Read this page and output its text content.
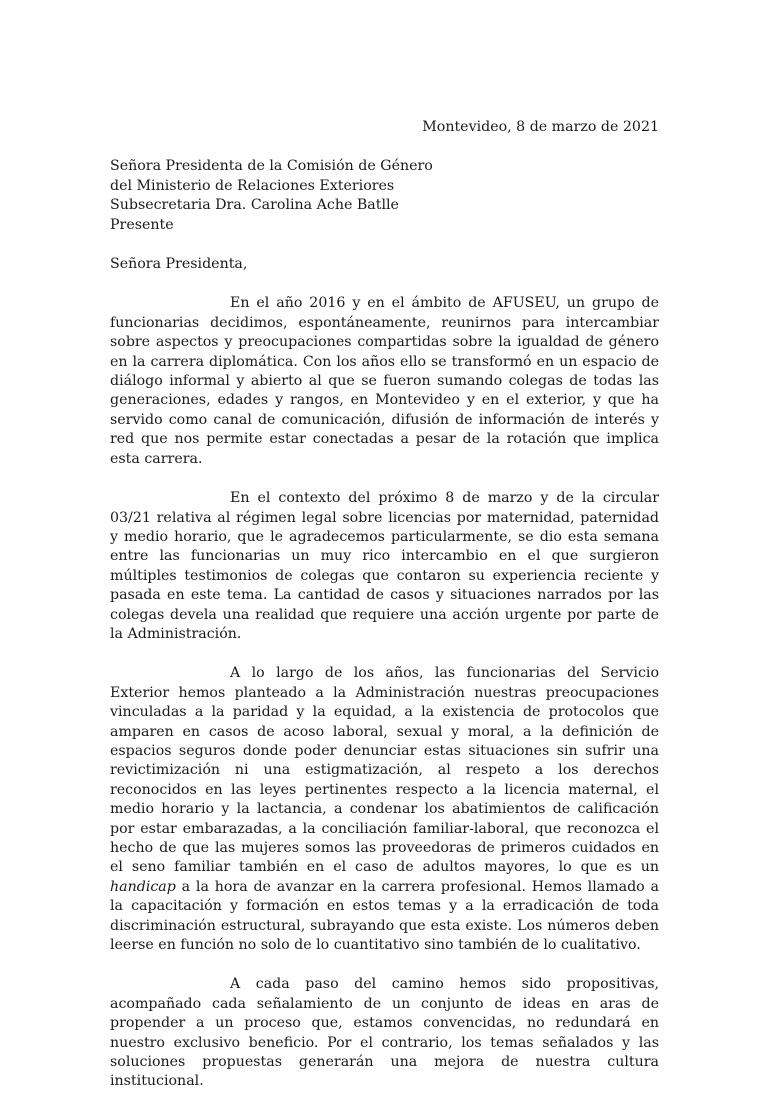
Montevideo, 8 de marzo de 2021
Señora Presidenta de la Comisión de Género
del Ministerio de Relaciones Exteriores
Subsecretaria Dra. Carolina Ache Batlle
Presente
Señora Presidenta,

En el año 2016 y en el ámbito de AFUSEU, un grupo de funcionarias decidimos, espontáneamente, reunirnos para intercambiar sobre aspectos y preocupaciones compartidas sobre la igualdad de género en la carrera diplomática. Con los años ello se transformó en un espacio de diálogo informal y abierto al que se fueron sumando colegas de todas las generaciones, edades y rangos, en Montevideo y en el exterior, y que ha servido como canal de comunicación, difusión de información de interés y red que nos permite estar conectadas a pesar de la rotación que implica esta carrera.

En el contexto del próximo 8 de marzo y de la circular 03/21 relativa al régimen legal sobre licencias por maternidad, paternidad y medio horario, que le agradecemos particularmente, se dio esta semana entre las funcionarias un muy rico intercambio en el que surgieron múltiples testimonios de colegas que contaron su experiencia reciente y pasada en este tema. La cantidad de casos y situaciones narrados por las colegas devela una realidad que requiere una acción urgente por parte de la Administración.

A lo largo de los años, las funcionarias del Servicio Exterior hemos planteado a la Administración nuestras preocupaciones vinculadas a la paridad y la equidad, a la existencia de protocolos que amparen en casos de acoso laboral, sexual y moral, a la definición de espacios seguros donde poder denunciar estas situaciones sin sufrir una revictimización ni una estigmatización, al respeto a los derechos reconocidos en las leyes pertinentes respecto a la licencia maternal, el medio horario y la lactancia, a condenar los abatimientos de calificación por estar embarazadas, a la conciliación familiar-laboral, que reconozca el hecho de que las mujeres somos las proveedoras de primeros cuidados en el seno familiar también en el caso de adultos mayores, lo que es un handicap a la hora de avanzar en la carrera profesional. Hemos llamado a la capacitación y formación en estos temas y a la erradicación de toda discriminación estructural, subrayando que esta existe. Los números deben leerse en función no solo de lo cuantitativo sino también de lo cualitativo.

A cada paso del camino hemos sido propositivas, acompañado cada señalamiento de un conjunto de ideas en aras de propender a un proceso que, estamos convencidas, no redundará en nuestro exclusivo beneficio. Por el contrario, los temas señalados y las soluciones propuestas generarán una mejora de nuestra cultura institucional.
